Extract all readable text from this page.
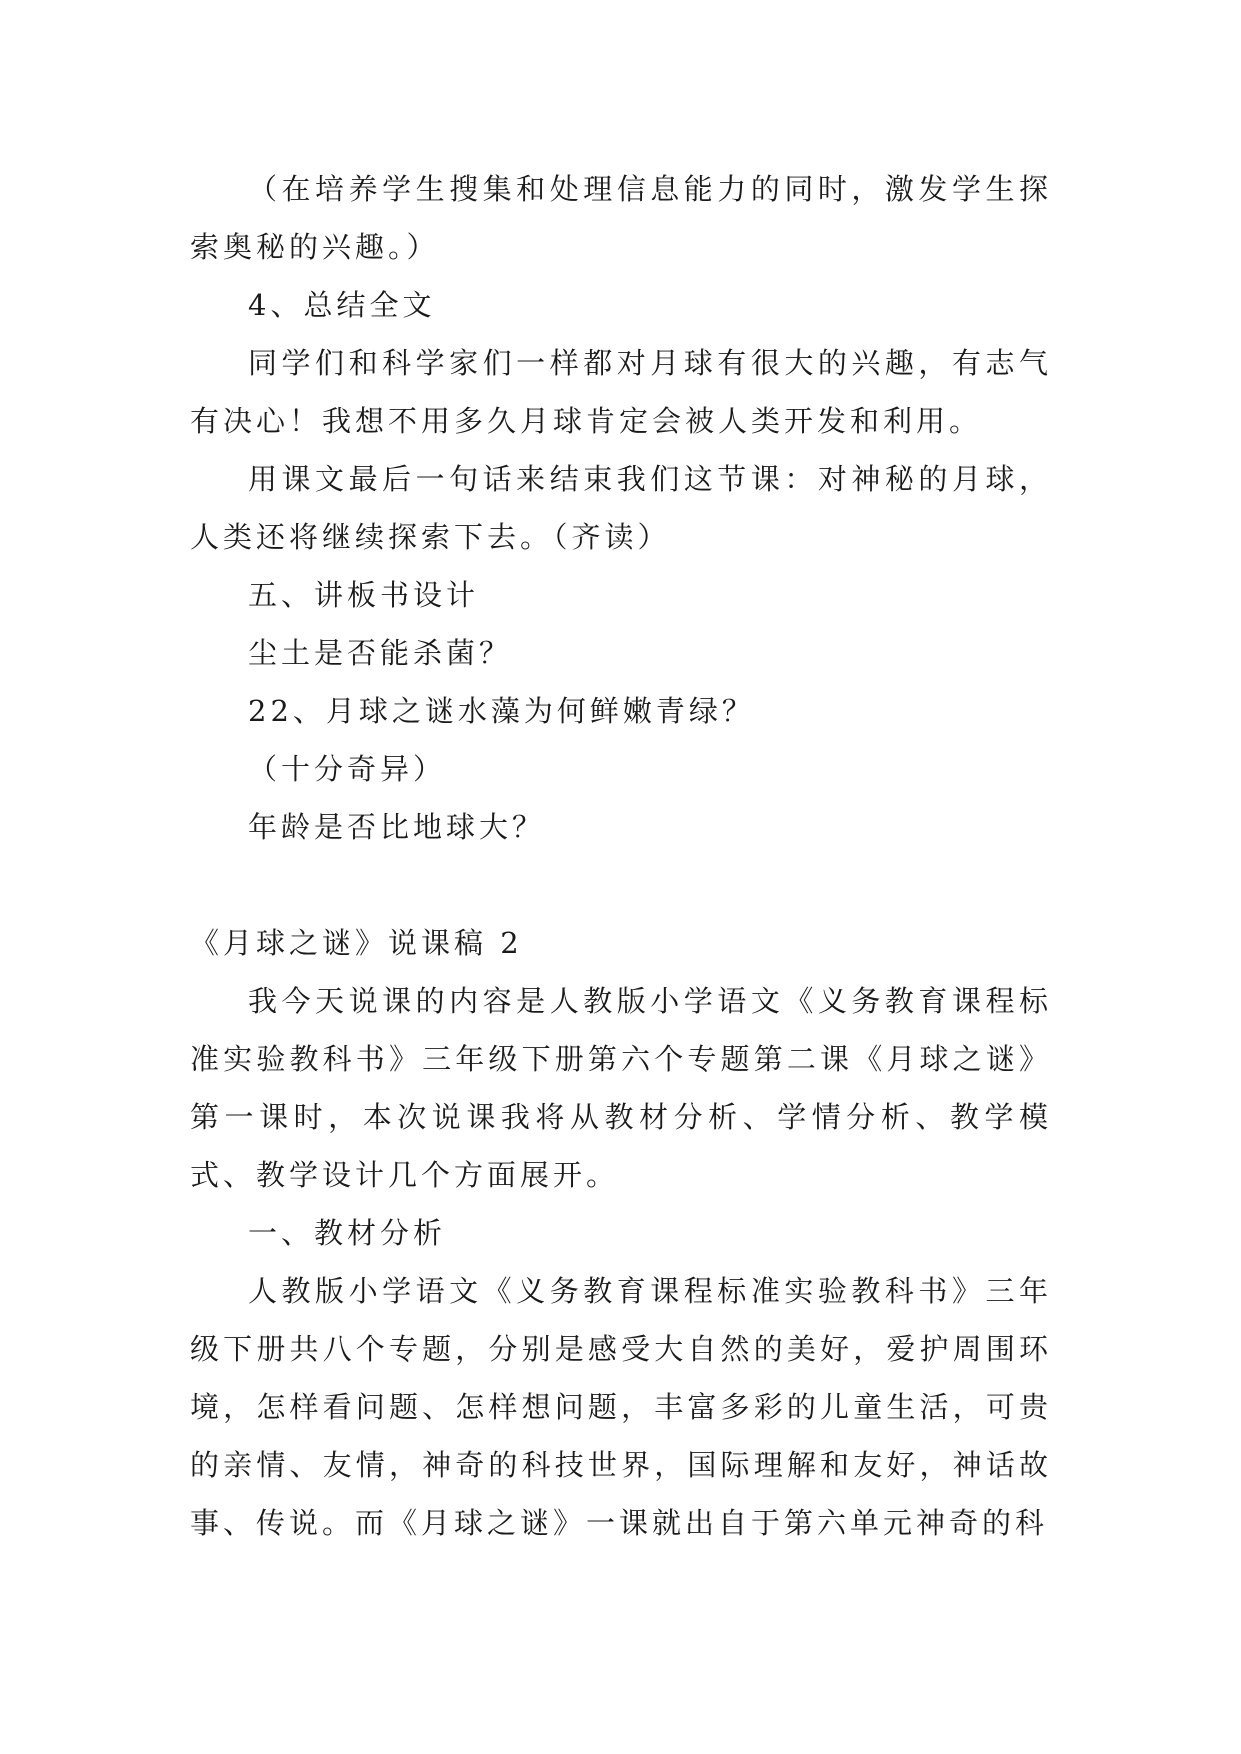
（在培养学生搜集和处理信息能力的同时，激发学生探索奥秘的兴趣。）

4、总结全文

同学们和科学家们一样都对月球有很大的兴趣，有志气有决心！我想不用多久月球肯定会被人类开发和利用。

用课文最后一句话来结束我们这节课：对神秘的月球，人类还将继续探索下去。（齐读）

五、讲板书设计

尘土是否能杀菌？

22、月球之谜水藻为何鲜嫩青绿？

（十分奇异）

年龄是否比地球大？

《月球之谜》说课稿 2

我今天说课的内容是人教版小学语文《义务教育课程标准实验教科书》三年级下册第六个专题第二课《月球之谜》第一课时，本次说课我将从教材分析、学情分析、教学模式、教学设计几个方面展开。

一、教材分析

人教版小学语文《义务教育课程标准实验教科书》三年级下册共八个专题，分别是感受大自然的美好，爱护周围环境，怎样看问题、怎样想问题，丰富多彩的儿童生活，可贵的亲情、友情，神奇的科技世界，国际理解和友好，神话故事、传说。而《月球之谜》一课就出自于第六单元神奇的科
